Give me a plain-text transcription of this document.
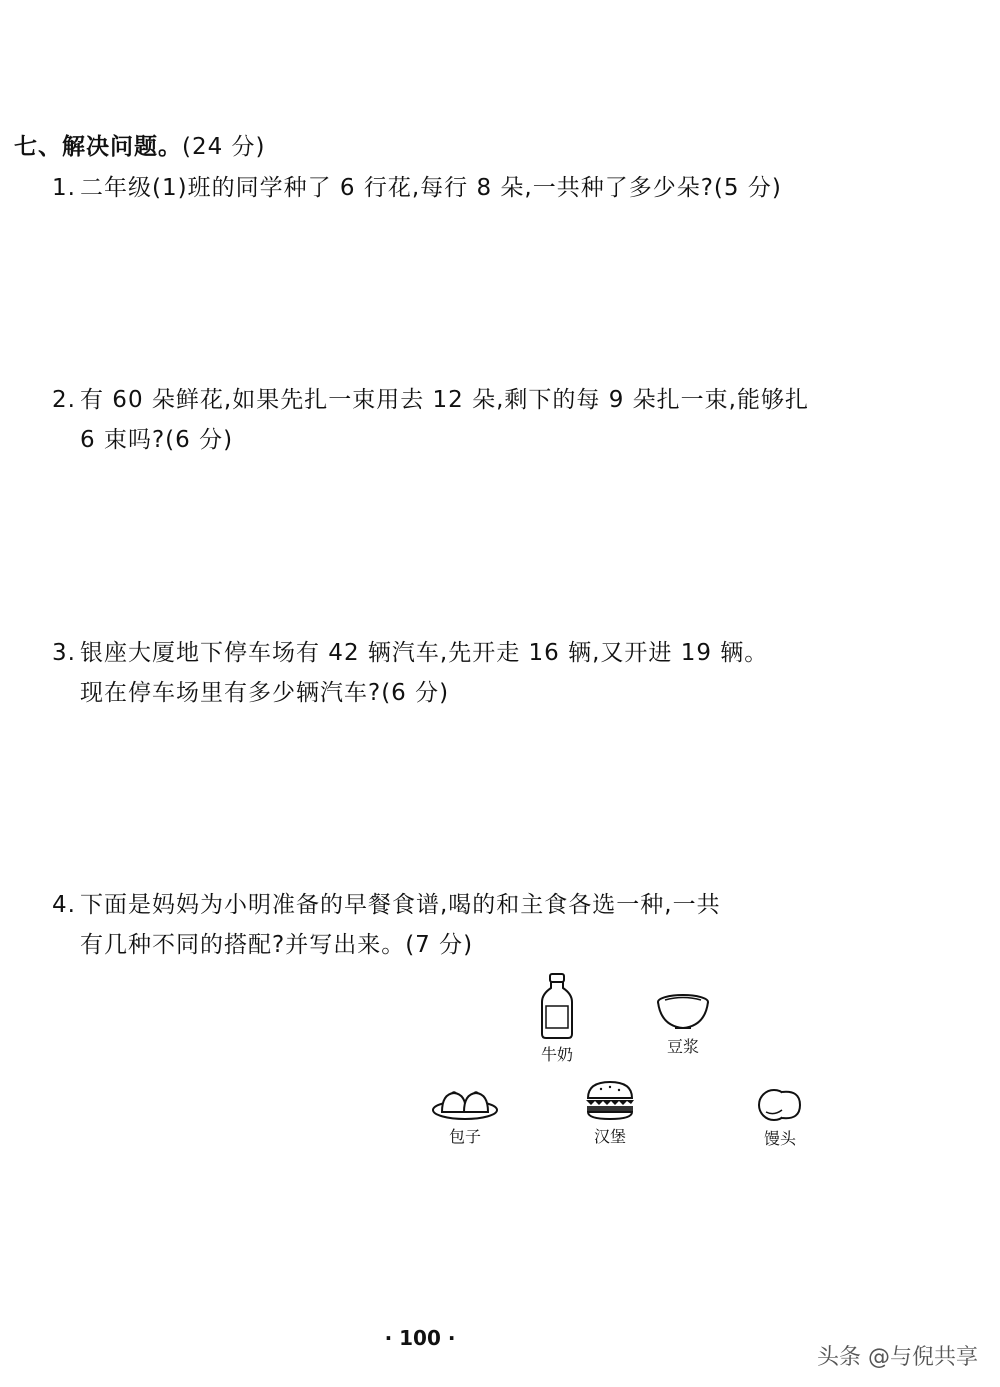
七、解决问题。(24 分)
1. 二年级(1)班的同学种了 6 行花,每行 8 朵,一共种了多少朵?(5 分)
2. 有 60 朵鲜花,如果先扎一束用去 12 朵,剩下的每 9 朵扎一束,能够扎
6 束吗?(6 分)
3. 银座大厦地下停车场有 42 辆汽车,先开走 16 辆,又开进 19 辆。
现在停车场里有多少辆汽车?(6 分)
4. 下面是妈妈为小明准备的早餐食谱,喝的和主食各选一种,一共
有几种不同的搭配?并写出来。(7 分)
牛奶	豆浆
包子	汉堡	馒头
· 100 ·
头条 @与倪共享
